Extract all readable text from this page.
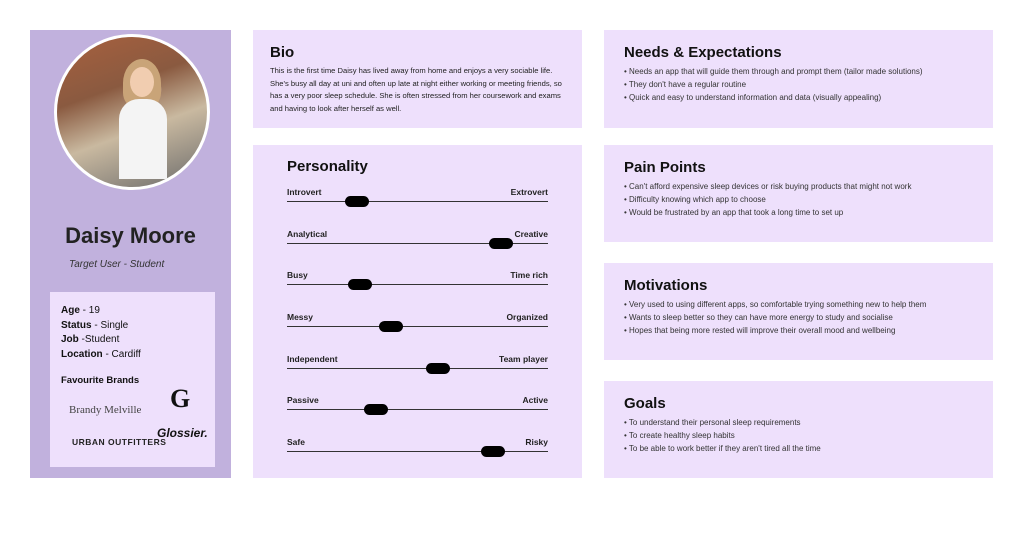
Daisy Moore
Target User - Student
Age - 19
Status - Single
Job -Student
Location - Cardiff
Favourite Brands
Brandy Melville
URBAN OUTFITTERS
G
Glossier.
Bio

This is the first time Daisy has lived away from home and enjoys a very sociable life. She's busy all day at uni and often up late at night either working or meeting friends, so has a very poor sleep schedule. She is often stressed from her coursework and exams and having to look after herself as well.

Personality
Introvert	Extrovert
Analytical	Creative
Busy	Time rich
Messy	Organized
Independent	Team player
Passive	Active
Safe	Risky
Needs & Expectations
• Needs an app that will guide them through and prompt them (tailor made solutions)
• They don't have a regular routine
• Quick and easy to understand information and data (visually appealing)
Pain Points
• Can't afford expensive sleep devices or risk buying products that might not work
• Difficulty knowing which app to choose
• Would be frustrated by an app that took a long time to set up
Motivations
• Very used to using different apps, so comfortable trying something new to help them
• Wants to sleep better so they can have more energy to study and socialise
• Hopes that being more rested will improve their overall mood and wellbeing
Goals
• To understand their personal sleep requirements
• To create healthy sleep habits
• To be able to work better if they aren't tired all the time
